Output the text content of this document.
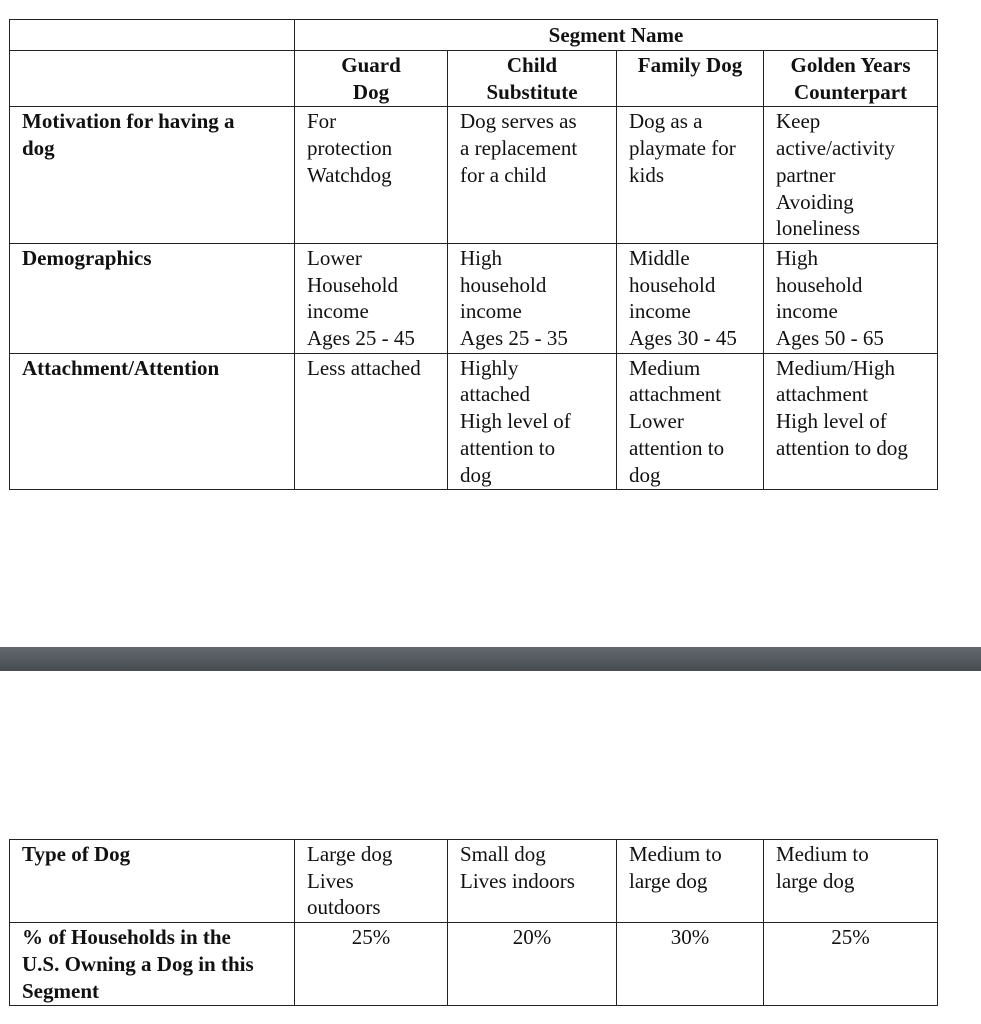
	Segment Name			

	Guard
Dog	Child
Substitute	Family Dog	Golden Years
Counterpart

Motivation for having a
dog	For
protection
Watchdog	Dog serves as
a replacement
for a child	Dog as a
playmate for
kids	Keep
active/activity
partner
Avoiding
loneliness

Demographics	Lower
Household
income
Ages 25 - 45	High
household
income
Ages 25 - 35	Middle
household
income
Ages 30 - 45	High
household
income
Ages 50 - 65

Attachment/Attention	Less attached	Highly
attached
High level of
attention to
dog	Medium
attachment
Lower
attention to
dog	Medium/High
attachment
High level of
attention to dog
Type of Dog	Large dog
Lives
outdoors	Small dog
Lives indoors	Medium to
large dog	Medium to
large dog

% of Households in the
U.S. Owning a Dog in this
Segment	25%	20%	30%	25%
